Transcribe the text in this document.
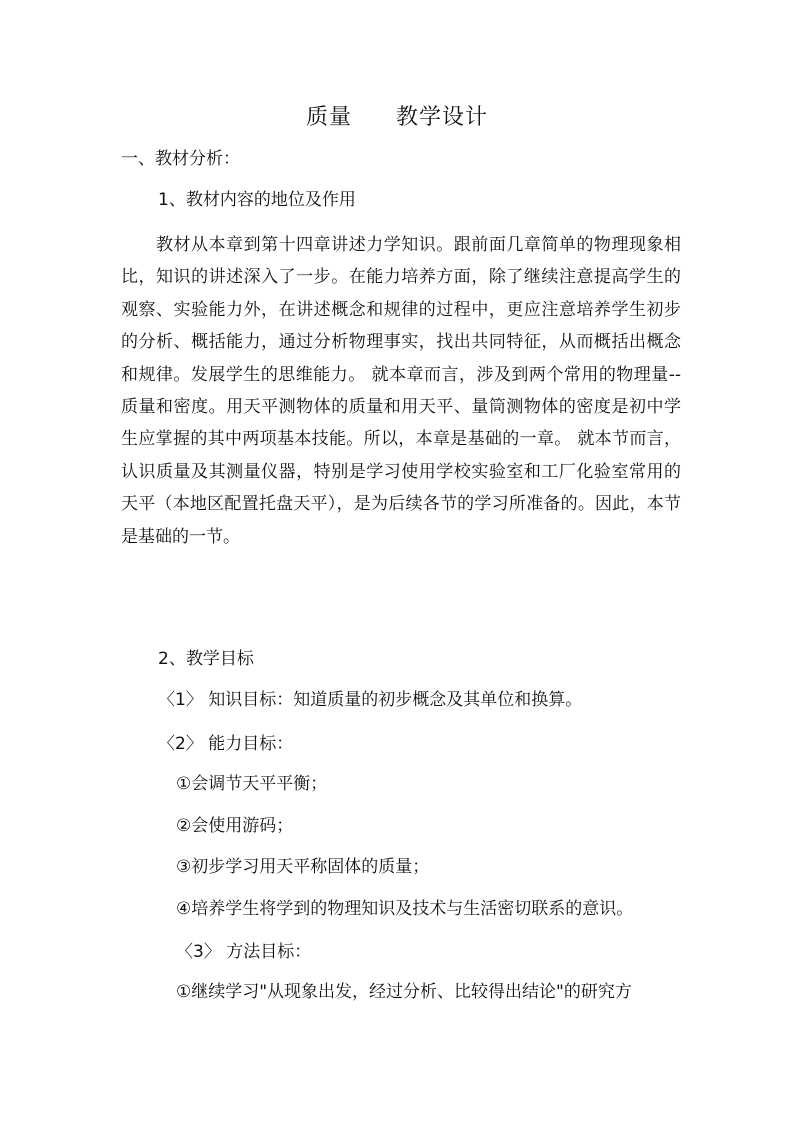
质量 教学设计
一、教材分析：
1、教材内容的地位及作用

教材从本章到第十四章讲述力学知识。跟前面几章简单的物理现象相比，知识的讲述深入了一步。在能力培养方面，除了继续注意提高学生的观察、实验能力外，在讲述概念和规律的过程中，更应注意培养学生初步的分析、概括能力，通过分析物理事实，找出共同特征，从而概括出概念和规律。发展学生的思维能力。 就本章而言，涉及到两个常用的物理量--质量和密度。用天平测物体的质量和用天平、量筒测物体的密度是初中学生应掌握的其中两项基本技能。所以，本章是基础的一章。 就本节而言，认识质量及其测量仪器，特别是学习使用学校实验室和工厂化验室常用的天平（本地区配置托盘天平），是为后续各节的学习所准备的。因此，本节是基础的一节。

2、教学目标
〈1〉 知识目标：知道质量的初步概念及其单位和换算。
〈2〉 能力目标：
①会调节天平平衡；
②会使用游码；
③初步学习用天平称固体的质量；
④培养学生将学到的物理知识及技术与生活密切联系的意识。
〈3〉 方法目标：
①继续学习"从现象出发，经过分析、比较得出结论"的研究方
